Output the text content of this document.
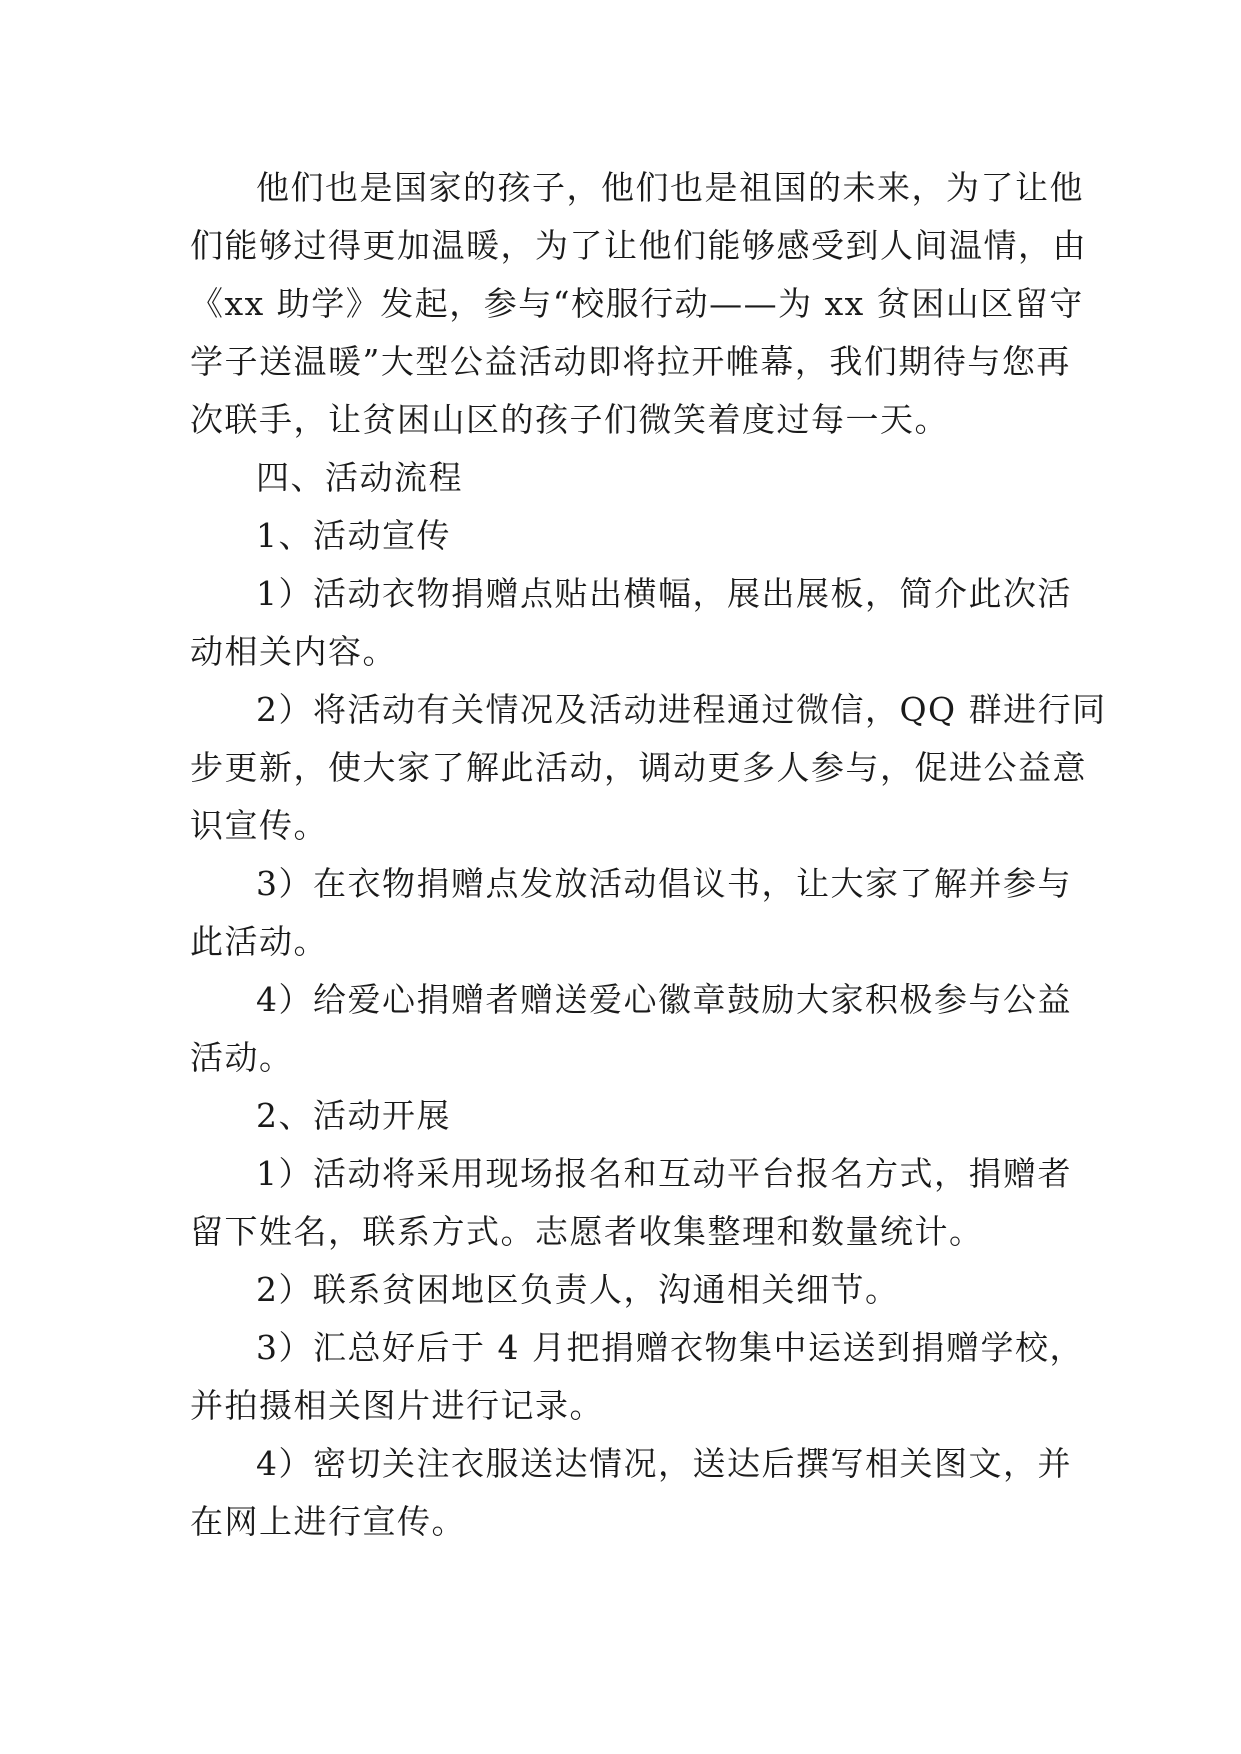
他们也是国家的孩子，他们也是祖国的未来，为了让他
们能够过得更加温暖，为了让他们能够感受到人间温情，由
《xx 助学》发起，参与“校服行动——为 xx 贫困山区留守
学子送温暖”大型公益活动即将拉开帷幕，我们期待与您再
次联手，让贫困山区的孩子们微笑着度过每一天。
四、活动流程
1、活动宣传
1）活动衣物捐赠点贴出横幅，展出展板，简介此次活
动相关内容。
2）将活动有关情况及活动进程通过微信，QQ 群进行同
步更新，使大家了解此活动，调动更多人参与，促进公益意
识宣传。
3）在衣物捐赠点发放活动倡议书，让大家了解并参与
此活动。
4）给爱心捐赠者赠送爱心徽章鼓励大家积极参与公益
活动。
2、活动开展
1）活动将采用现场报名和互动平台报名方式，捐赠者
留下姓名，联系方式。志愿者收集整理和数量统计。
2）联系贫困地区负责人，沟通相关细节。
3）汇总好后于 4 月把捐赠衣物集中运送到捐赠学校，
并拍摄相关图片进行记录。
4）密切关注衣服送达情况，送达后撰写相关图文，并
在网上进行宣传。
